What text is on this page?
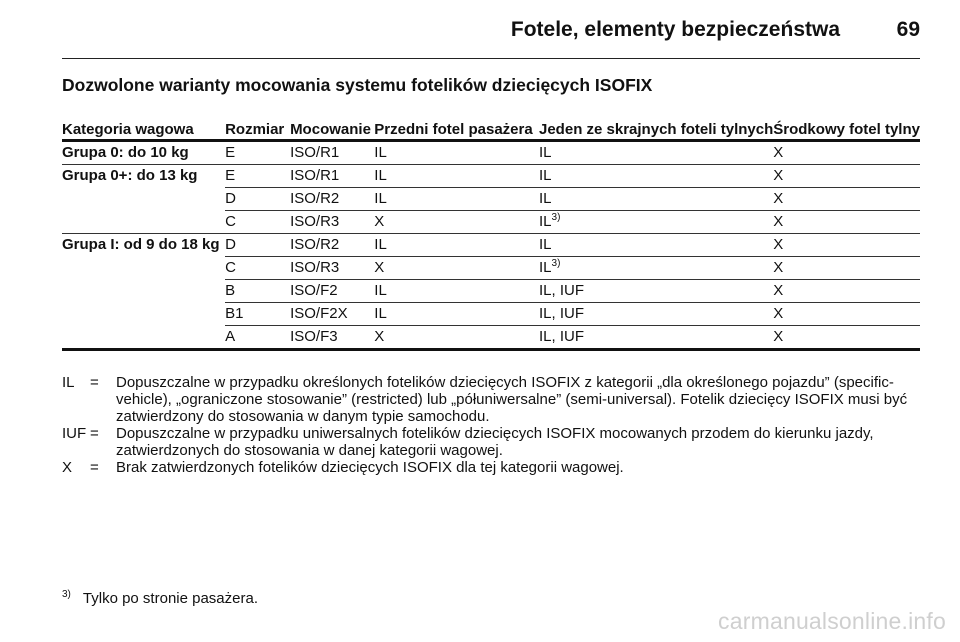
Fotele, elementy bezpieczeństwa	69
Dozwolone warianty mocowania systemu fotelików dziecięcych ISOFIX
Kategoria wagowa	Rozmiar	Mocowanie	Przedni fotel pasażera	Jeden ze skrajnych foteli tylnych	Środkowy fotel tylny
Grupa 0: do 10 kg	E	ISO/R1	IL	IL	X
Grupa 0+: do 13 kg	E	ISO/R1	IL	IL	X
	D	ISO/R2	IL	IL	X
	C	ISO/R3	X	IL$^{3)}$	X
Grupa I: od 9 do 18 kg	D	ISO/R2	IL	IL	X
	C	ISO/R3	X	IL$^{3)}$	X
	B	ISO/F2	IL	IL, IUF	X
	B1	ISO/F2X	IL	IL, IUF	X
	A	ISO/F3	X	IL, IUF	X
IL	=	Dopuszczalne w przypadku określonych fotelików dziecięcych ISOFIX z kategorii „dla określonego pojazdu” (specific-vehicle), „ograniczone stosowanie” (restricted) lub „półuniwersalne” (semi-universal). Fotelik dziecięcy ISOFIX musi być zatwierdzony do stosowania w danym typie samochodu.
IUF =	Dopuszczalne w przypadku uniwersalnych fotelików dziecięcych ISOFIX mocowanych przodem do kierunku jazdy, zatwierdzonych do stosowania w danej kategorii wagowej.
X	=	Brak zatwierdzonych fotelików dziecięcych ISOFIX dla tej kategorii wagowej.
$^{3)}$ Tylko po stronie pasażera.
carmanualsonline.info
